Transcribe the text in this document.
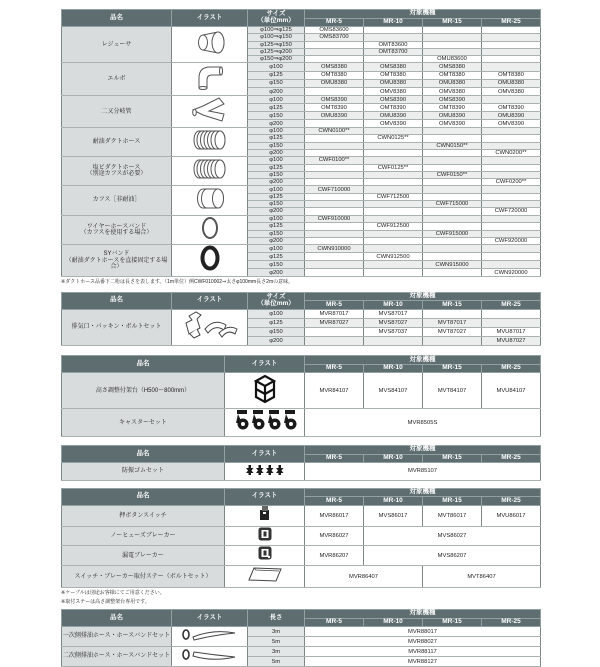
品名	イラスト	サイズ
（単位mm）	対象機種			
			MR-5	MR-10	MR-15	MR-25
レジューサ		φ100⇒φ125	OMS83600			
		φ100⇒φ150	OMS83700			
		φ125⇒φ150		OMT83600		
		φ125⇒φ200		OMT83700		
		φ150⇒φ200			OMU83600	
エルボ		φ100	OMS8380	OMS8380	OMS8380	
		φ125	OMT8380	OMT8380	OMT8380	OMT8380
		φ150	OMU8380	OMU8380	OMU8380	OMU8380
		φ200		OMV8380	OMV8380	OMV8380
二又分岐管		φ100	OMS8390	OMS8390	OMS8390	
		φ125	OMT8390	OMT8390	OMT8390	OMT8390
		φ150	OMU8390	OMU8390	OMU8390	OMU8390
		φ200		OMV8390	OMV8390	OMV8390
耐油ダクトホース		φ100	CWN0100**			
		φ125		CWN0125**		
		φ150			CWN0150**	
		φ200				CWN0200**
塩ビダクトホース
（別途カフスが必要）		φ100	CWF0100**			
		φ125		CWF0125**		
		φ150			CWF0150**	
		φ200				CWF0200**
カフス［非耐油］		φ100	CWF710000			
		φ125		CWF712500		
		φ150			CWF715000	
		φ200				CWF720000
ワイヤーホースバンド
（カフスを使用する場合）		φ100	CWF910000			
		φ125		CWF912500		
		φ150			CWF915000	
		φ200				CWF920000
SYバンド
（耐油ダクトホースを直接固定する場合）		φ100	CWN910000			
		φ125		CWN912500		
		φ150			CWN915000	
		φ200				CWN920000
※ダクトホース品番下二桁は長さを表します。（1m単位）例CWF010002⇒太さφ100mm長さ2mの意味。
品名	イラスト	サイズ
（単位mm）	対象機種			
			MR-5	MR-10	MR-15	MR-25
排気口・パッキン・ボルトセット		φ100	MVR87017	MVS87017		
		φ125	MVR87027	MVS87027	MVT87017	
		φ150		MVS87037	MVT87027	MVU87017
		φ200				MVU87027
品名	イラスト	対象機種			
		MR-5	MR-10	MR-15	MR-25
高さ調整付架台（H500～800mm）		MVR84107	MVS84107	MVT84107	MVU84107
キャスターセット		MVR8505S			
品名	イラスト	対象機種			
		MR-5	MR-10	MR-15	MR-25
防振ゴムセット		MVR85107			
品名	イラスト	対象機種			
		MR-5	MR-10	MR-15	MR-25
押ボタンスイッチ		MVR86017	MVS86017	MVT86017	MVU86017
ノーヒューズブレーカー		MVR86027	MVS86027		
漏電ブレーカー		MVR86207	MVS86207		
スイッチ・ブレーカー取付ステー（ボルトセット）		MVR86407		MVT86407	
※ケーブルは別途お客様にてご用意ください。
※取付ステーは高さ調整架台専用です。
品名	イラスト	長さ	対象機種			
			MR-5	MR-10	MR-15	MR-25
一次側排油ホース・ホースバンドセット		3m	MVR88017			
		5m	MVR88027			
二次側排油ホース・ホースバンドセット		3m	MVR88117			
		5m	MVR88127			
